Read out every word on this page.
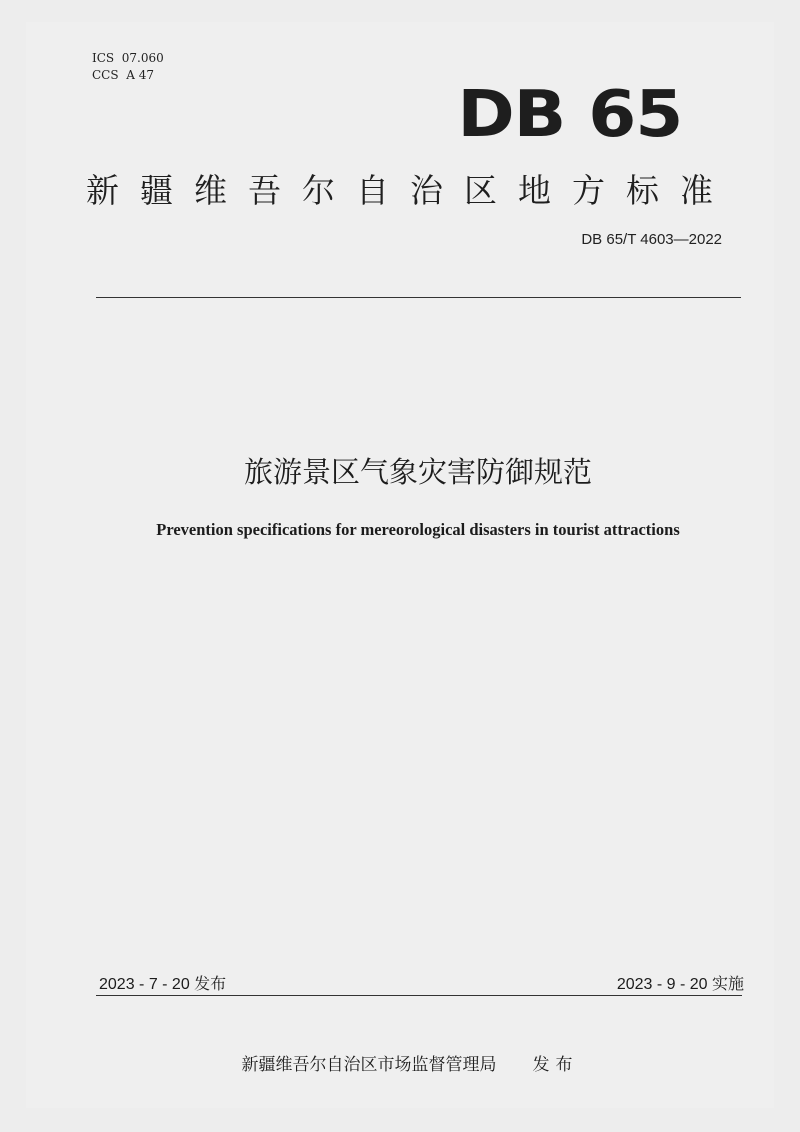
ICS  07.060
CCS  A 47
DB 65
新疆维吾尔自治区地方标准
DB 65/T 4603—2022
旅游景区气象灾害防御规范
Prevention specifications for mereorological disasters in tourist attractions
2023 - 7 - 20 发布	2023 - 9 - 20 实施
新疆维吾尔自治区市场监督管理局 发布
